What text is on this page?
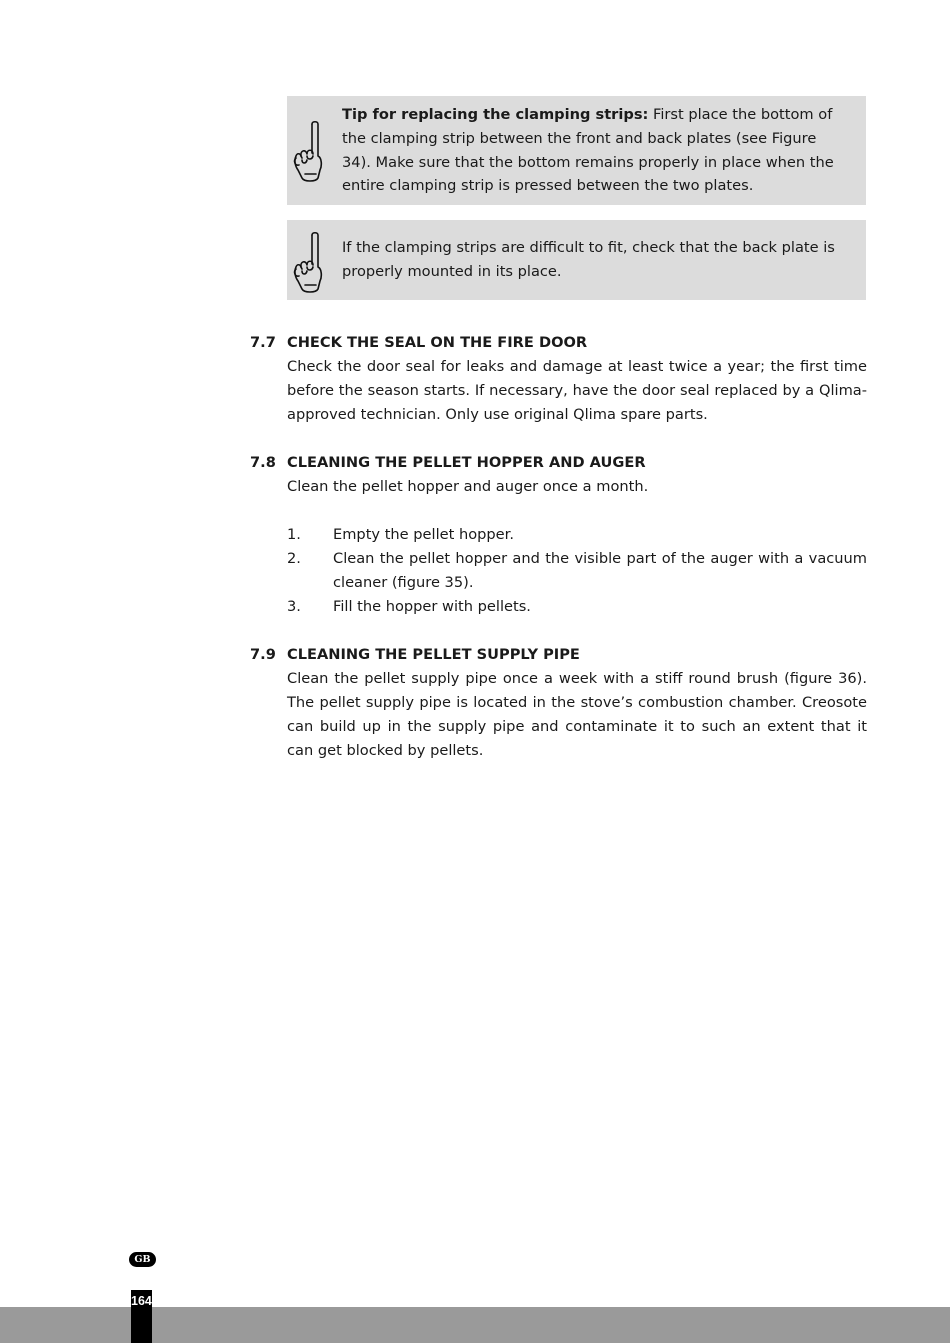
Tip for replacing the clamping strips: First place the bottom of the clamping strip between the front and back plates (see Figure 34). Make sure that the bottom remains properly in place when the entire clamping strip is pressed between the two plates.
If the clamping strips are difficult to fit, check that the back plate is properly mounted in its place.
7.7 CHECK THE SEAL ON THE FIRE DOOR
Check the door seal for leaks and damage at least twice a year; the first time before the season starts. If necessary, have the door seal replaced by a Qlima-approved technician. Only use original Qlima spare parts.
7.8 CLEANING THE PELLET HOPPER AND AUGER
Clean the pellet hopper and auger once a month.
1. Empty the pellet hopper.
2. Clean the pellet hopper and the visible part of the auger with a vacuum cleaner (figure 35).
3. Fill the hopper with pellets.
7.9 CLEANING THE PELLET SUPPLY PIPE
Clean the pellet supply pipe once a week with a stiff round brush (figure 36). The pellet supply pipe is located in the stove’s combustion chamber. Creosote can build up in the supply pipe and contaminate it to such an extent that it can get blocked by pellets.
GB
164
